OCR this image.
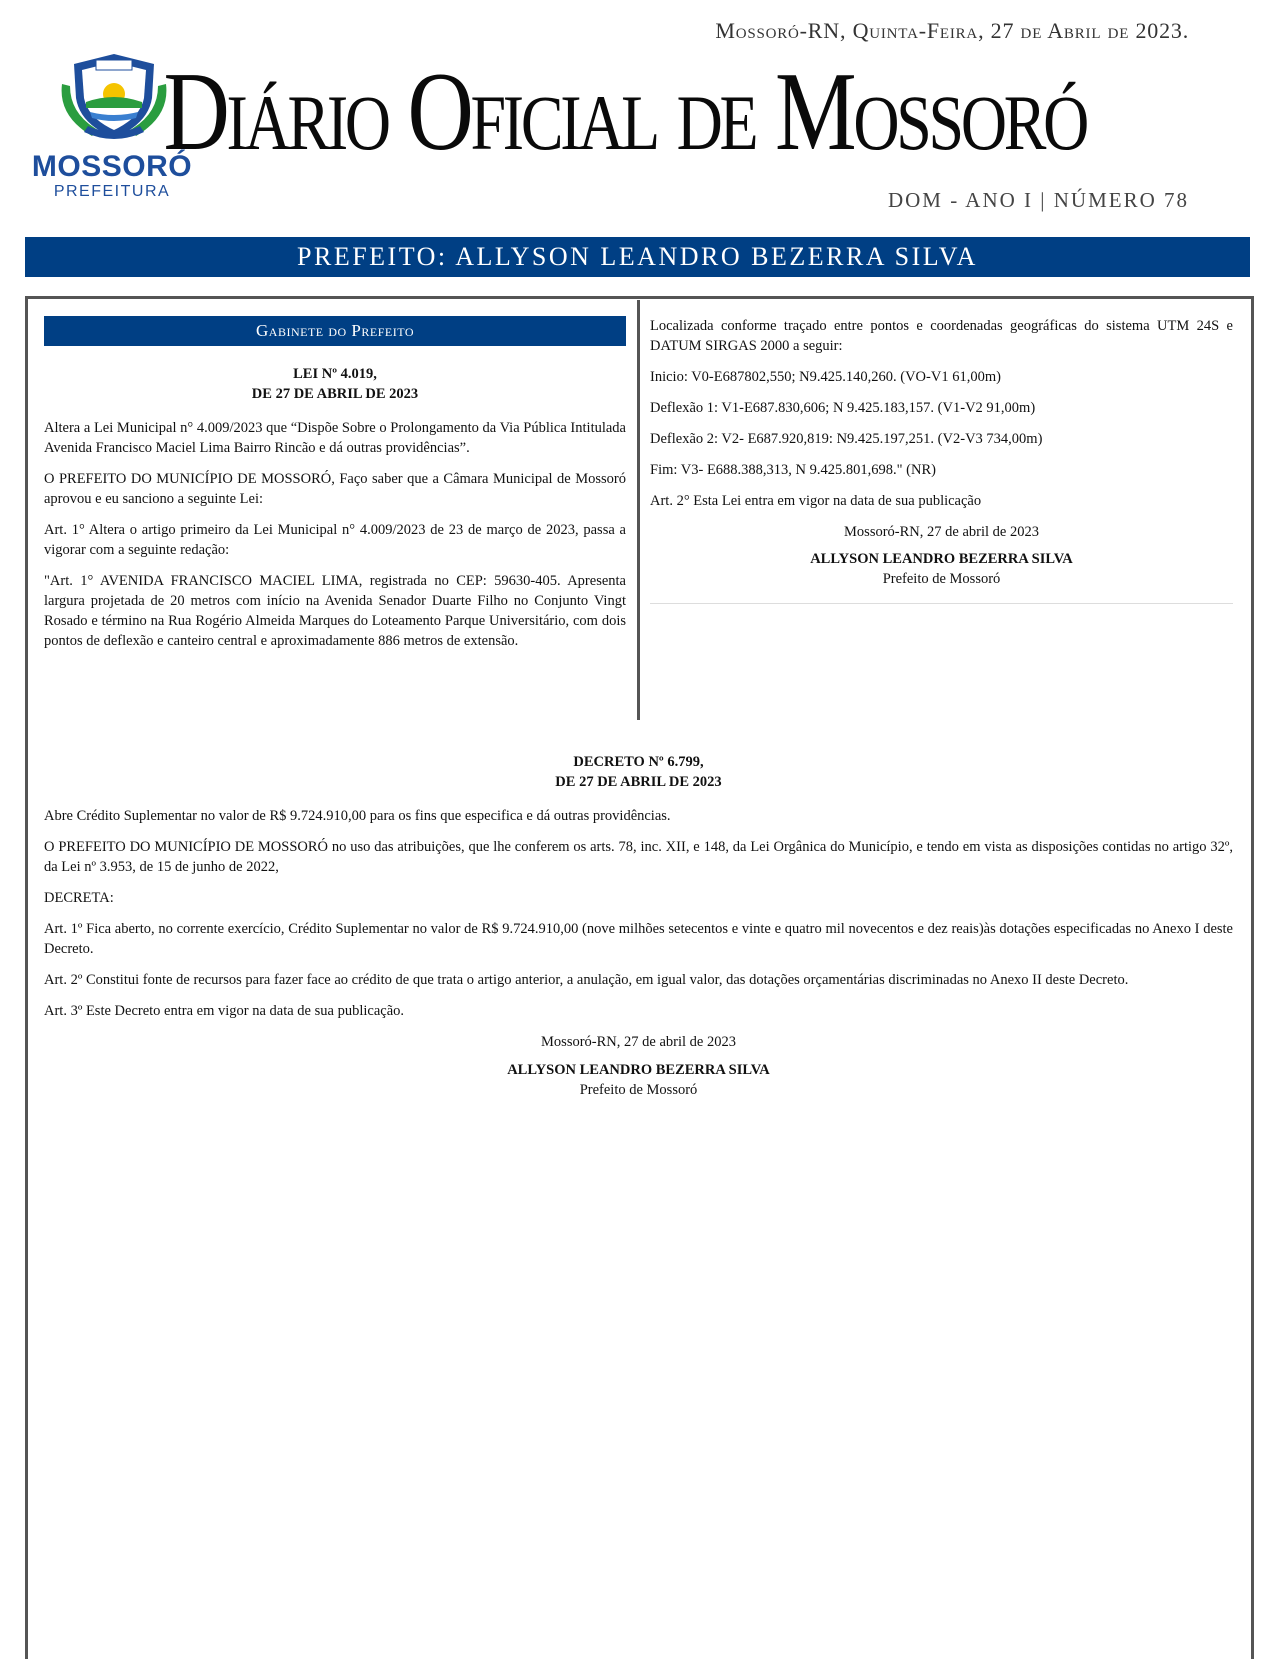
MOSSORÓ
PREFEITURA
Mossoró-RN, Quinta-Feira, 27 de Abril de 2023.
Diário Oficial de Mossoró
DOM - ANO I | NÚMERO 78
PREFEITO: ALLYSON LEANDRO BEZERRA SILVA
Gabinete do Prefeito
LEI Nº 4.019,
DE 27 DE ABRIL DE 2023

Altera a Lei Municipal n° 4.009/2023 que “Dispõe Sobre o Prolongamento da Via Pública Intitulada Avenida Francisco Maciel Lima Bairro Rincão e dá outras providências”.

O PREFEITO DO MUNICÍPIO DE MOSSORÓ, Faço saber que a Câmara Municipal de Mossoró aprovou e eu sanciono a seguinte Lei:

Art. 1° Altera o artigo primeiro da Lei Municipal n° 4.009/2023 de 23 de março de 2023, passa a vigorar com a seguinte redação:

"Art. 1° AVENIDA FRANCISCO MACIEL LIMA, registrada no CEP: 59630-405. Apresenta largura projetada de 20 metros com início na Avenida Senador Duarte Filho no Conjunto Vingt Rosado e término na Rua Rogério Almeida Marques do Loteamento Parque Universitário, com dois pontos de deflexão e canteiro central e aproximadamente 886 metros de extensão.

Localizada conforme traçado entre pontos e coordenadas geográficas do sistema UTM 24S e DATUM SIRGAS 2000 a seguir:

Inicio: V0-E687802,550; N9.425.140,260. (VO-V1 61,00m)

Deflexão 1: V1-E687.830,606; N 9.425.183,157. (V1-V2 91,00m)

Deflexão 2: V2- E687.920,819: N9.425.197,251. (V2-V3 734,00m)

Fim: V3- E688.388,313, N 9.425.801,698." (NR)

Art. 2° Esta Lei entra em vigor na data de sua publicação

Mossoró-RN, 27 de abril de 2023
ALLYSON LEANDRO BEZERRA SILVA
Prefeito de Mossoró
DECRETO Nº 6.799,
DE 27 DE ABRIL DE 2023

Abre Crédito Suplementar no valor de R$ 9.724.910,00 para os fins que especifica e dá outras providências.

O PREFEITO DO MUNICÍPIO DE MOSSORÓ no uso das atribuições, que lhe conferem os arts. 78, inc. XII, e 148, da Lei Orgânica do Município, e tendo em vista as disposições contidas no artigo 32º, da Lei nº 3.953, de 15 de junho de 2022,

DECRETA:

Art. 1º Fica aberto, no corrente exercício, Crédito Suplementar no valor de R$ 9.724.910,00 (nove milhões setecentos e vinte e quatro mil novecentos e dez reais)às dotações especificadas no Anexo I deste Decreto.

Art. 2º Constitui fonte de recursos para fazer face ao crédito de que trata o artigo anterior, a anulação, em igual valor, das dotações orçamentárias discriminadas no Anexo II deste Decreto.

Art. 3º Este Decreto entra em vigor na data de sua publicação.

Mossoró-RN, 27 de abril de 2023
ALLYSON LEANDRO BEZERRA SILVA
Prefeito de Mossoró
